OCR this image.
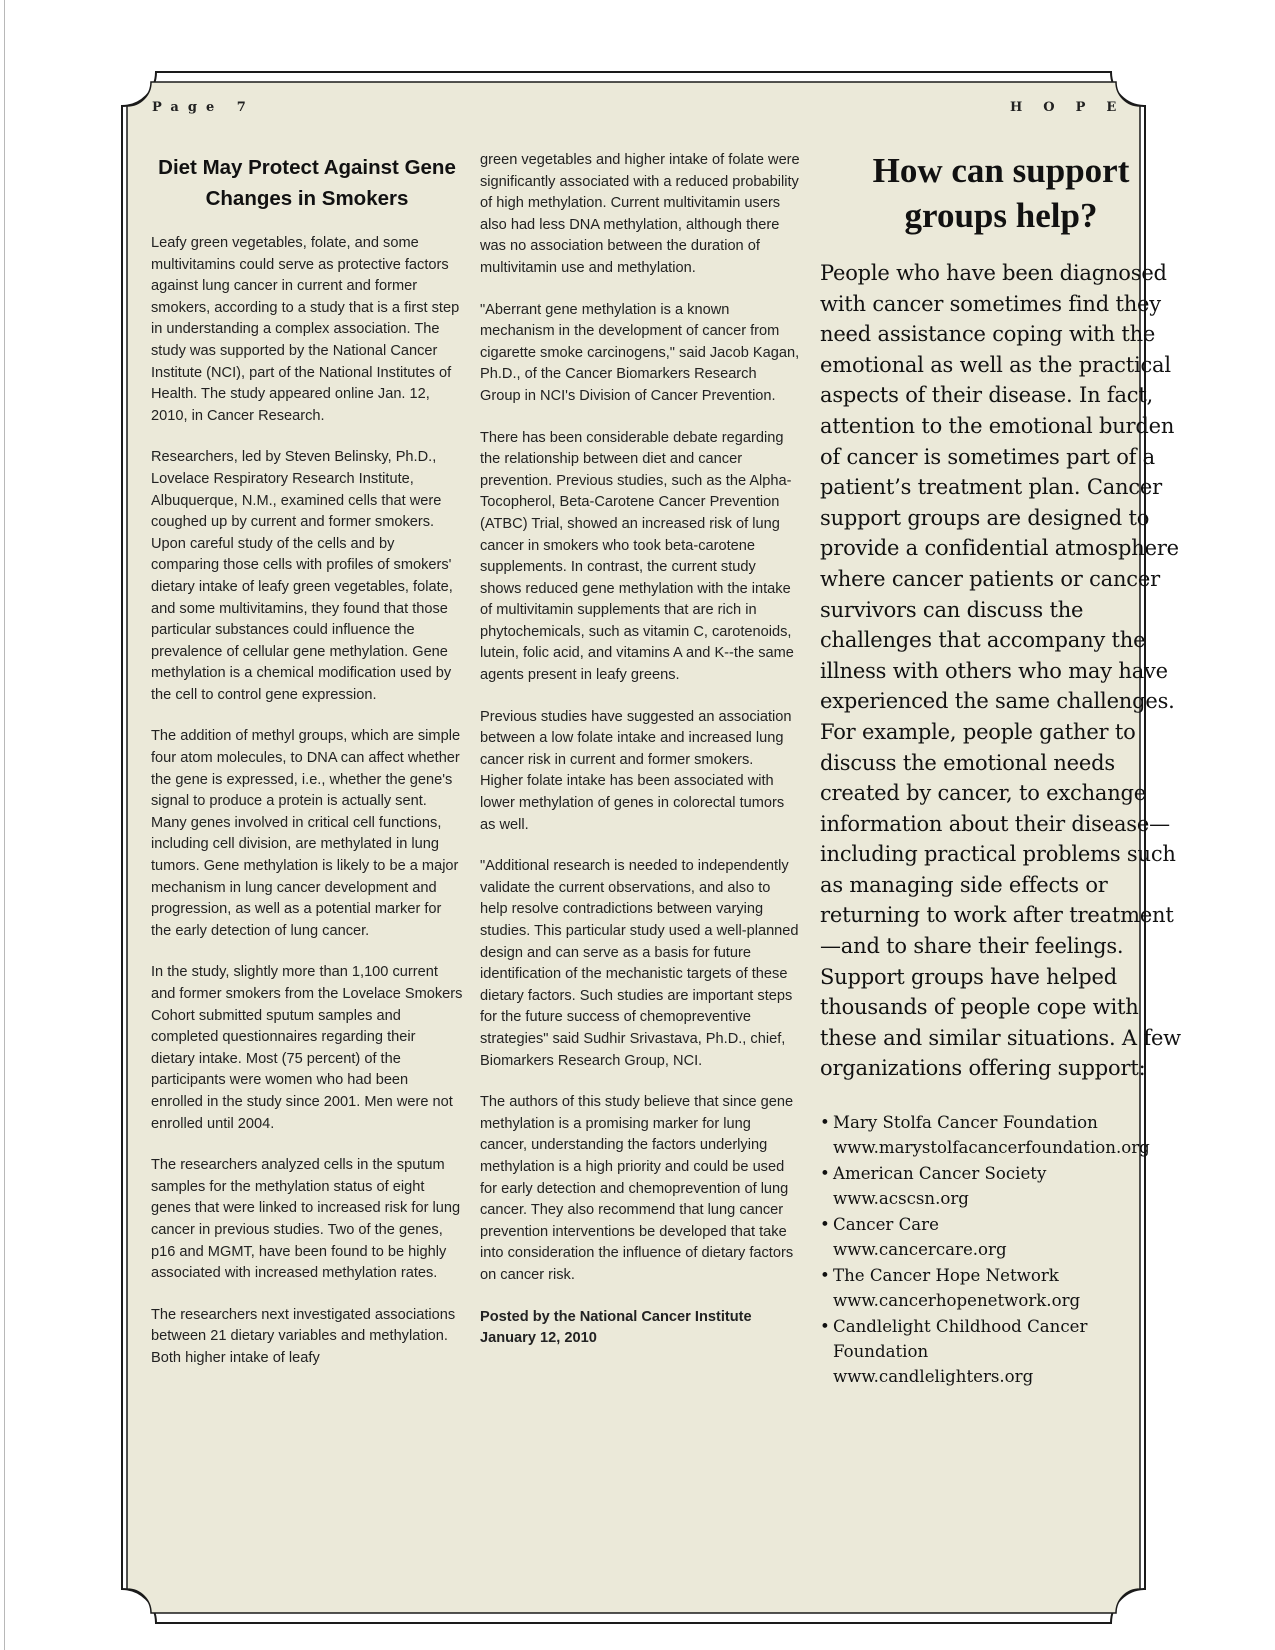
Page 7	HOPE
Diet May Protect Against Gene Changes in Smokers

Leafy green vegetables, folate, and some multivitamins could serve as protective factors against lung cancer in current and former smokers, according to a study that is a first step in understanding a complex association. The study was supported by the National Cancer Institute (NCI), part of the National Institutes of Health. The study appeared online Jan. 12, 2010, in Cancer Research.

Researchers, led by Steven Belinsky, Ph.D., Lovelace Respiratory Research Institute, Albuquerque, N.M., examined cells that were coughed up by current and former smokers. Upon careful study of the cells and by comparing those cells with profiles of smokers' dietary intake of leafy green vegetables, folate, and some multivitamins, they found that those particular substances could influence the prevalence of cellular gene methylation. Gene methylation is a chemical modification used by the cell to control gene expression.

The addition of methyl groups, which are simple four atom molecules, to DNA can affect whether the gene is expressed, i.e., whether the gene's signal to produce a protein is actually sent. Many genes involved in critical cell functions, including cell division, are methylated in lung tumors. Gene methylation is likely to be a major mechanism in lung cancer development and progression, as well as a potential marker for the early detection of lung cancer.

In the study, slightly more than 1,100 current and former smokers from the Lovelace Smokers Cohort submitted sputum samples and completed questionnaires regarding their dietary intake. Most (75 percent) of the participants were women who had been enrolled in the study since 2001. Men were not enrolled until 2004.

The researchers analyzed cells in the sputum samples for the methylation status of eight genes that were linked to increased risk for lung cancer in previous studies. Two of the genes, p16 and MGMT, have been found to be highly associated with increased methylation rates.

The researchers next investigated associations between 21 dietary variables and methylation. Both higher intake of leafy

green vegetables and higher intake of folate were significantly associated with a reduced probability of high methylation. Current multivitamin users also had less DNA methylation, although there was no association between the duration of multivitamin use and methylation.

"Aberrant gene methylation is a known mechanism in the development of cancer from cigarette smoke carcinogens," said Jacob Kagan, Ph.D., of the Cancer Biomarkers Research Group in NCI's Division of Cancer Prevention.

There has been considerable debate regarding the relationship between diet and cancer prevention. Previous studies, such as the Alpha-Tocopherol, Beta-Carotene Cancer Prevention (ATBC) Trial, showed an increased risk of lung cancer in smokers who took beta-carotene supplements. In contrast, the current study shows reduced gene methylation with the intake of multivitamin supplements that are rich in phytochemicals, such as vitamin C, carotenoids, lutein, folic acid, and vitamins A and K--the same agents present in leafy greens.

Previous studies have suggested an association between a low folate intake and increased lung cancer risk in current and former smokers. Higher folate intake has been associated with lower methylation of genes in colorectal tumors as well.

"Additional research is needed to independently validate the current observations, and also to help resolve contradictions between varying studies. This particular study used a well-planned design and can serve as a basis for future identification of the mechanistic targets of these dietary factors. Such studies are important steps for the future success of chemopreventive strategies" said Sudhir Srivastava, Ph.D., chief, Biomarkers Research Group, NCI.

The authors of this study believe that since gene methylation is a promising marker for lung cancer, understanding the factors underlying methylation is a high priority and could be used for early detection and chemoprevention of lung cancer. They also recommend that lung cancer prevention interventions be developed that take into consideration the influence of dietary factors on cancer risk.

Posted by the National Cancer Institute

January 12, 2010

How can support groups help?

People who have been diagnosed with cancer sometimes find they need assistance coping with the emotional as well as the practical aspects of their disease. In fact, attention to the emotional burden of cancer is sometimes part of a patient’s treatment plan. Cancer support groups are designed to provide a confidential atmosphere where cancer patients or cancer survivors can discuss the challenges that accompany the illness with others who may have experienced the same challenges. For example, people gather to discuss the emotional needs created by cancer, to exchange information about their disease—including practical problems such as managing side effects or returning to work after treatment—and to share their feelings. Support groups have helped thousands of people cope with these and similar situations. A few organizations offering support:

• Mary Stolfa Cancer Foundation
www.marystolfacancerfoundation.org
• American Cancer Society
www.acscsn.org
• Cancer Care
www.cancercare.org
• The Cancer Hope Network
www.cancerhopenetwork.org
• Candlelight Childhood Cancer Foundation
www.candlelighters.org
